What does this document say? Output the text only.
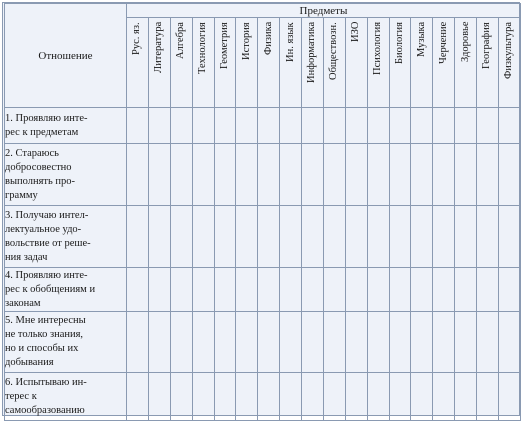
Отношение	Предметы																	

	Рус. яз.	Литература	Алгебра	Технология	Геометрия	История	Физика	Ин. язык	Информатика	Обществозн.	ИЗО	Психология	Биология	Музыка	Черчение	Здоровье	География	Физкультура

1. Проявляю инте-
рес к предметам																		
2. Стараюсь
добросовестно
выполнять про-
грамму																		
3. Получаю интел-
лектуальное удо-
вольствие от реше-
ния задач																		
4. Проявляю инте-
рес к обобщениям и
законам																		
5. Мне интересны
не только знания,
но и способы их
добывания																		
6. Испытываю ин-
терес к
самообразованию																		
